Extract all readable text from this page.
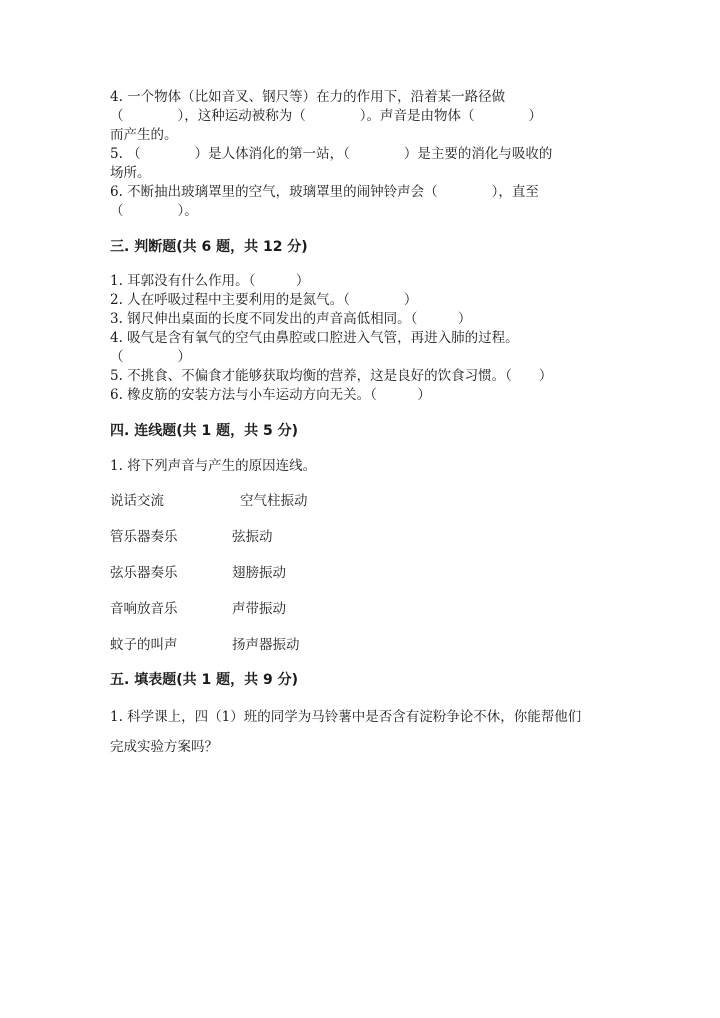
4. 一个物体（比如音叉、钢尺等）在力的作用下，沿着某一路径做
（　　　　），这种运动被称为（　　　　）。声音是由物体（　　　　）
而产生的。
5. （　　　　）是人体消化的第一站，（　　　　）是主要的消化与吸收的
场所。
6. 不断抽出玻璃罩里的空气，玻璃罩里的闹钟铃声会（　　　　），直至
（　　　　）。
三. 判断题(共 6 题，共 12 分)
1. 耳郭没有什么作用。（　　　）
2. 人在呼吸过程中主要利用的是氮气。（　　　　）
3. 钢尺伸出桌面的长度不同发出的声音高低相同。（　　　）
4. 吸气是含有氧气的空气由鼻腔或口腔进入气管，再进入肺的过程。
（　　　　）
5. 不挑食、不偏食才能够获取均衡的营养，这是良好的饮食习惯。（　　）
6. 橡皮筋的安装方法与小车运动方向无关。（　　　）
四. 连线题(共 1 题，共 5 分)
1. 将下列声音与产生的原因连线。
说话交流	空气柱振动
管乐器奏乐	弦振动
弦乐器奏乐	翅膀振动
音响放音乐	声带振动
蚊子的叫声	扬声器振动
五. 填表题(共 1 题，共 9 分)
1. 科学课上，四（1）班的同学为马铃薯中是否含有淀粉争论不休，你能帮他们
完成实验方案吗？
